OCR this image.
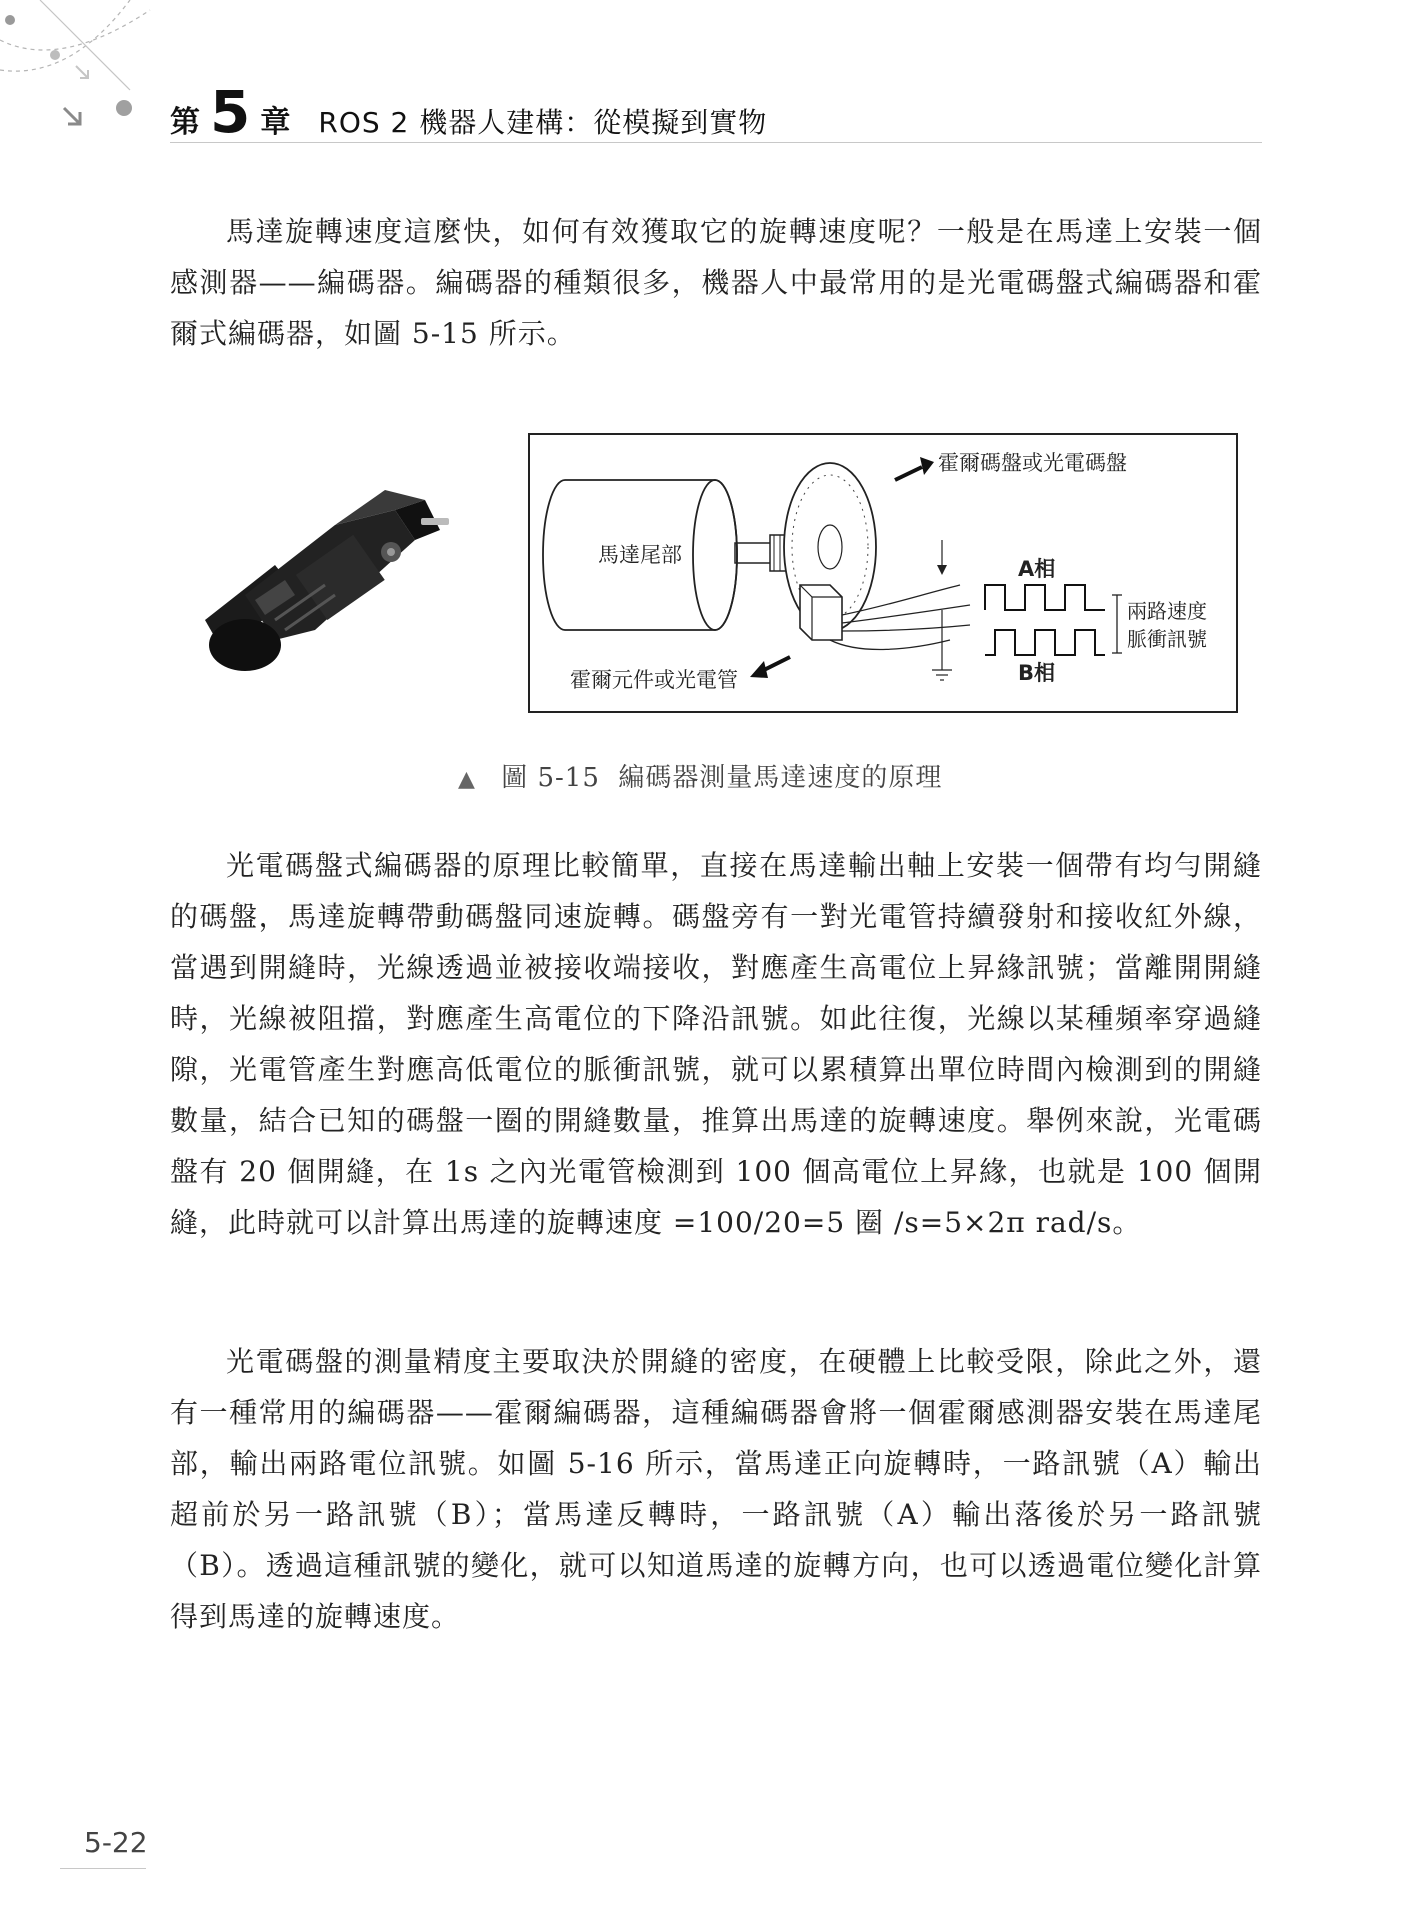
第 5 章 ROS 2 機器人建構：從模擬到實物

馬達旋轉速度這麼快，如何有效獲取它的旋轉速度呢？一般是在馬達上安裝一個感測器——編碼器。編碼器的種類很多，機器人中最常用的是光電碼盤式編碼器和霍爾式編碼器，如圖 5-15 所示。

霍爾碼盤或光電碼盤
馬達尾部
A相
B相
兩路速度
脈衝訊號
霍爾元件或光電管
▲ 圖 5-15  編碼器測量馬達速度的原理

光電碼盤式編碼器的原理比較簡單，直接在馬達輸出軸上安裝一個帶有均勻開縫的碼盤，馬達旋轉帶動碼盤同速旋轉。碼盤旁有一對光電管持續發射和接收紅外線，當遇到開縫時，光線透過並被接收端接收，對應產生高電位上昇緣訊號；當離開開縫時，光線被阻擋，對應產生高電位的下降沿訊號。如此往復，光線以某種頻率穿過縫隙，光電管產生對應高低電位的脈衝訊號，就可以累積算出單位時間內檢測到的開縫數量，結合已知的碼盤一圈的開縫數量，推算出馬達的旋轉速度。舉例來說，光電碼盤有 20 個開縫，在 1s 之內光電管檢測到 100 個高電位上昇緣，也就是 100 個開縫，此時就可以計算出馬達的旋轉速度 =100/20=5 圈 /s=5×2π rad/s。

光電碼盤的測量精度主要取決於開縫的密度，在硬體上比較受限，除此之外，還有一種常用的編碼器——霍爾編碼器，這種編碼器會將一個霍爾感測器安裝在馬達尾部，輸出兩路電位訊號。如圖 5-16 所示，當馬達正向旋轉時，一路訊號（A）輸出超前於另一路訊號（B）；當馬達反轉時，一路訊號（A）輸出落後於另一路訊號（B）。透過這種訊號的變化，就可以知道馬達的旋轉方向，也可以透過電位變化計算得到馬達的旋轉速度。

5-22
